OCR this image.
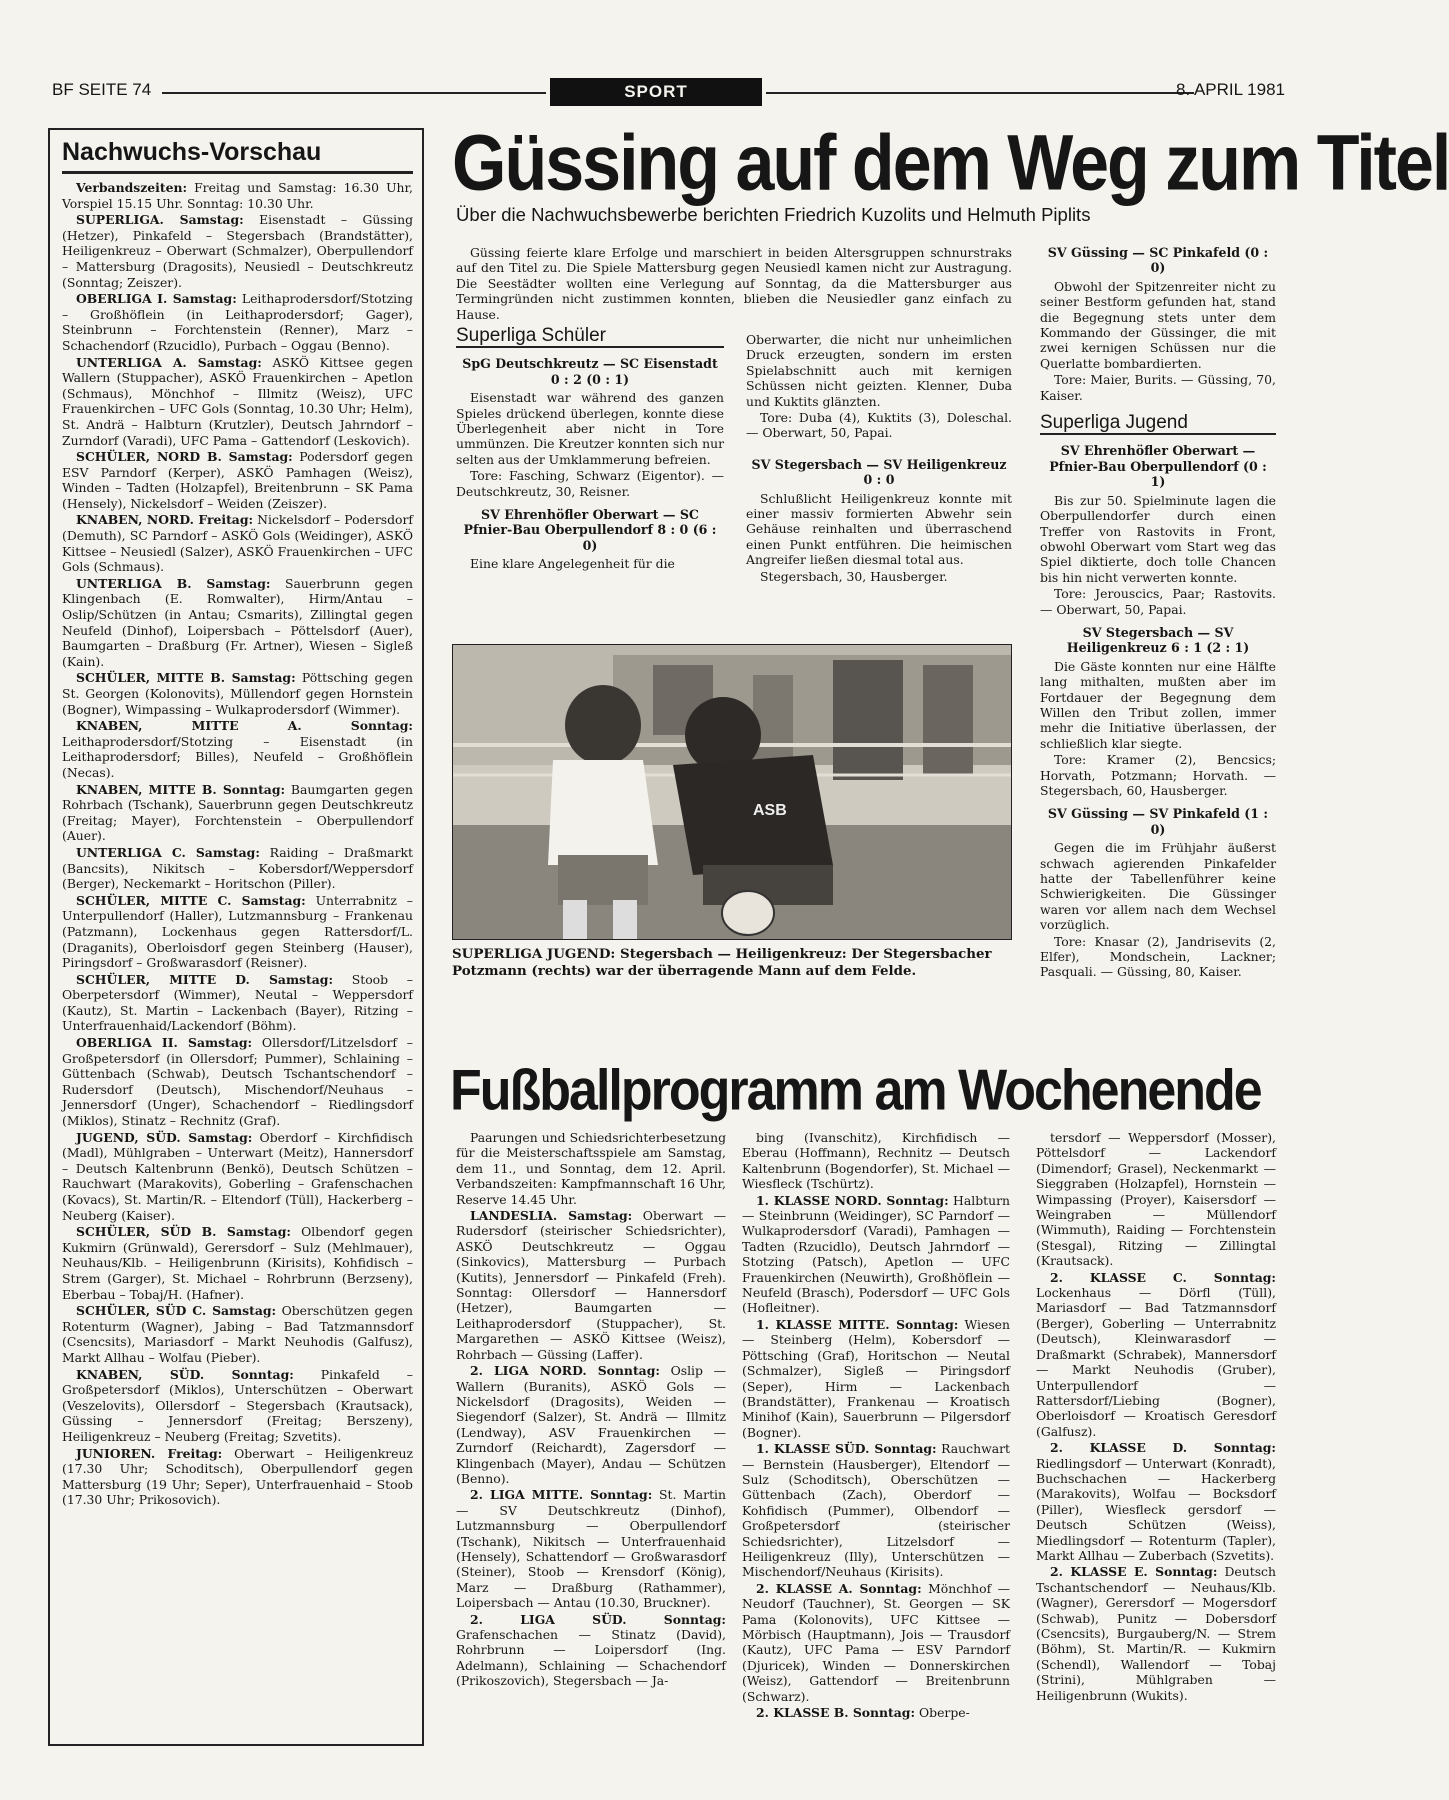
BF SEITE 74	SPORT	8. APRIL 1981
Nachwuchs-Vorschau
Verbandszeiten: Freitag und Samstag: 16.30 Uhr, Vorspiel 15.15 Uhr. Sonntag: 10.30 Uhr.
SUPERLIGA. Samstag: Eisenstadt – Güssing (Hetzer), Pinkafeld – Stegersbach (Brandstätter), Heiligenkreuz – Oberwart (Schmalzer), Oberpullendorf – Mattersburg (Dragosits), Neusiedl – Deutschkreutz (Sonntag; Zeiszer).
OBERLIGA I. Samstag: Leithaprodersdorf/Stotzing – Großhöflein (in Leithaprodersdorf; Gager), Steinbrunn – Forchtenstein (Renner), Marz – Schachendorf (Rzucidlo), Purbach – Oggau (Benno).
UNTERLIGA A. Samstag: ASKÖ Kittsee gegen Wallern (Stuppacher), ASKÖ Frauenkirchen – Apetlon (Schmaus), Mönchhof – Illmitz (Weisz), UFC Frauenkirchen – UFC Gols (Sonntag, 10.30 Uhr; Helm), St. Andrä – Halbturn (Krutzler), Deutsch Jahrndorf – Zurndorf (Varadi), UFC Pama – Gattendorf (Leskovich).
SCHÜLER, NORD B. Samstag: Podersdorf gegen ESV Parndorf (Kerper), ASKÖ Pamhagen (Weisz), Winden – Tadten (Holzapfel), Breitenbrunn – SK Pama (Hensely), Nickelsdorf – Weiden (Zeiszer).
KNABEN, NORD. Freitag: Nickelsdorf – Podersdorf (Demuth), SC Parndorf – ASKÖ Gols (Weidinger), ASKÖ Kittsee – Neusiedl (Salzer), ASKÖ Frauenkirchen – UFC Gols (Schmaus).
UNTERLIGA B. Samstag: Sauerbrunn gegen Klingenbach (E. Romwalter), Hirm/Antau – Oslip/Schützen (in Antau; Csmarits), Zillingtal gegen Neufeld (Dinhof), Loipersbach – Pöttelsdorf (Auer), Baumgarten – Draßburg (Fr. Artner), Wiesen – Sigleß (Kain).
SCHÜLER, MITTE B. Samstag: Pöttsching gegen St. Georgen (Kolonovits), Müllendorf gegen Hornstein (Bogner), Wimpassing – Wulkaprodersdorf (Wimmer).
KNABEN, MITTE A. Sonntag: Leithaprodersdorf/Stotzing – Eisenstadt (in Leithaprodersdorf; Billes), Neufeld – Großhöflein (Necas).
KNABEN, MITTE B. Sonntag: Baumgarten gegen Rohrbach (Tschank), Sauerbrunn gegen Deutschkreutz (Freitag; Mayer), Forchtenstein – Oberpullendorf (Auer).
UNTERLIGA C. Samstag: Raiding – Draßmarkt (Bancsits), Nikitsch – Kobersdorf/Weppersdorf (Berger), Neckemarkt – Horitschon (Piller).
SCHÜLER, MITTE C. Samstag: Unterrabnitz – Unterpullendorf (Haller), Lutzmannsburg – Frankenau (Patzmann), Lockenhaus gegen Rattersdorf/L. (Draganits), Oberloisdorf gegen Steinberg (Hauser), Piringsdorf – Großwarasdorf (Reisner).
SCHÜLER, MITTE D. Samstag: Stoob – Oberpetersdorf (Wimmer), Neutal – Weppersdorf (Kautz), St. Martin – Lackenbach (Bayer), Ritzing – Unterfrauenhaid/Lackendorf (Böhm).
OBERLIGA II. Samstag: Ollersdorf/Litzelsdorf – Großpetersdorf (in Ollersdorf; Pummer), Schlaining – Güttenbach (Schwab), Deutsch Tschantschendorf – Rudersdorf (Deutsch), Mischendorf/Neuhaus – Jennersdorf (Unger), Schachendorf – Riedlingsdorf (Miklos), Stinatz – Rechnitz (Graf).
JUGEND, SÜD. Samstag: Oberdorf – Kirchfidisch (Madl), Mühlgraben – Unterwart (Meitz), Hannersdorf – Deutsch Kaltenbrunn (Benkö), Deutsch Schützen – Rauchwart (Marakovits), Goberling – Grafenschachen (Kovacs), St. Martin/R. – Eltendorf (Tüll), Hackerberg – Neuberg (Kaiser).
SCHÜLER, SÜD B. Samstag: Olbendorf gegen Kukmirn (Grünwald), Gerersdorf – Sulz (Mehlmauer), Neuhaus/Klb. – Heiligenbrunn (Kirisits), Kohfidisch – Strem (Garger), St. Michael – Rohrbrunn (Berzseny), Eberbau – Tobaj/H. (Hafner).
SCHÜLER, SÜD C. Samstag: Oberschützen gegen Rotenturm (Wagner), Jabing – Bad Tatzmannsdorf (Csencsits), Mariasdorf – Markt Neuhodis (Galfusz), Markt Allhau – Wolfau (Pieber).
KNABEN, SÜD. Sonntag: Pinkafeld – Großpetersdorf (Miklos), Unterschützen – Oberwart (Veszelovits), Ollersdorf – Stegersbach (Krautsack), Güssing – Jennersdorf (Freitag; Berszeny), Heiligenkreuz – Neuberg (Freitag; Szvetits).
JUNIOREN. Freitag: Oberwart – Heiligenkreuz (17.30 Uhr; Schoditsch), Oberpullendorf gegen Mattersburg (19 Uhr; Seper), Unterfrauenhaid – Stoob (17.30 Uhr; Prikosovich).
Güssing auf dem Weg zum Titel
Über die Nachwuchsbewerbe berichten Friedrich Kuzolits und Helmuth Piplits
Güssing feierte klare Erfolge und marschiert in beiden Altersgruppen schnurstraks auf den Titel zu. Die Spiele Mattersburg gegen Neusiedl kamen nicht zur Austragung. Die Seestädter wollten eine Verlegung auf Sonntag, da die Mattersburger aus Termingründen nicht zustimmen konnten, blieben die Neusiedler ganz einfach zu Hause.
Superliga Schüler
SpG Deutschkreutz — SC Eisenstadt 0 : 2 (0 : 1)
Eisenstadt war während des ganzen Spieles drückend überlegen, konnte diese Überlegenheit aber nicht in Tore ummünzen. Die Kreutzer konnten sich nur selten aus der Umklammerung befreien.
Tore: Fasching, Schwarz (Eigentor). — Deutschkreutz, 30, Reisner.
SV Ehrenhöfler Oberwart — SC Pfnier-Bau Oberpullendorf 8 : 0 (6 : 0)
Eine klare Angelegenheit für die
Oberwarter, die nicht nur unheimlichen Druck erzeugten, sondern im ersten Spielabschnitt auch mit kernigen Schüssen nicht geizten. Klenner, Duba und Kuktits glänzten.
Tore: Duba (4), Kuktits (3), Doleschal. — Oberwart, 50, Papai.
SV Stegersbach — SV Heiligenkreuz 0 : 0
Schlußlicht Heiligenkreuz konnte mit einer massiv formierten Abwehr sein Gehäuse reinhalten und überraschend einen Punkt entführen. Die heimischen Angreifer ließen diesmal total aus.
Stegersbach, 30, Hausberger.
SV Güssing — SC Pinkafeld (0 : 0)
Obwohl der Spitzenreiter nicht zu seiner Bestform gefunden hat, stand die Begegnung stets unter dem Kommando der Güssinger, die mit zwei kernigen Schüssen nur die Querlatte bombardierten.
Tore: Maier, Burits. — Güssing, 70, Kaiser.
Superliga Jugend
SV Ehrenhöfler Oberwart — Pfnier-Bau Oberpullendorf (0 : 1)
Bis zur 50. Spielminute lagen die Oberpullendorfer durch einen Treffer von Rastovits in Front, obwohl Oberwart vom Start weg das Spiel diktierte, doch tolle Chancen bis hin nicht verwerten konnte.
Tore: Jerouscics, Paar; Rastovits. — Oberwart, 50, Papai.
SV Stegersbach — SV Heiligenkreuz 6 : 1 (2 : 1)
Die Gäste konnten nur eine Hälfte lang mithalten, mußten aber im Fortdauer der Begegnung dem Willen den Tribut zollen, immer mehr die Initiative überlassen, der schließlich klar siegte.
Tore: Kramer (2), Bencsics; Horvath, Potzmann; Horvath. — Stegersbach, 60, Hausberger.
SV Güssing — SV Pinkafeld (1 : 0)
Gegen die im Frühjahr äußerst schwach agierenden Pinkafelder hatte der Tabellenführer keine Schwierigkeiten. Die Güssinger waren vor allem nach dem Wechsel vorzüglich.
Tore: Knasar (2), Jandrisevits (2, Elfer), Mondschein, Lackner; Pasquali. — Güssing, 80, Kaiser.
ASB
SUPERLIGA JUGEND: Stegersbach — Heiligenkreuz: Der Stegersbacher Potzmann (rechts) war der überragende Mann auf dem Felde.
Fußballprogramm am Wochenende
Paarungen und Schiedsrichterbesetzung für die Meisterschaftsspiele am Samstag, dem 11., und Sonntag, dem 12. April. Verbandszeiten: Kampfmannschaft 16 Uhr, Reserve 14.45 Uhr.
LANDESLIA. Samstag: Oberwart — Rudersdorf (steirischer Schiedsrichter), ASKÖ Deutschkreutz — Oggau (Sinkovics), Mattersburg — Purbach (Kutits), Jennersdorf — Pinkafeld (Freh). Sonntag: Ollersdorf — Hannersdorf (Hetzer), Baumgarten — Leithaprodersdorf (Stuppacher), St. Margarethen — ASKÖ Kittsee (Weisz), Rohrbach — Güssing (Laffer).
2. LIGA NORD. Sonntag: Oslip — Wallern (Buranits), ASKÖ Gols — Nickelsdorf (Dragosits), Weiden — Siegendorf (Salzer), St. Andrä — Illmitz (Lendway), ASV Frauenkirchen — Zurndorf (Reichardt), Zagersdorf — Klingenbach (Mayer), Andau — Schützen (Benno).
2. LIGA MITTE. Sonntag: St. Martin — SV Deutschkreutz (Dinhof), Lutzmannsburg — Oberpullendorf (Tschank), Nikitsch — Unterfrauenhaid (Hensely), Schattendorf — Großwarasdorf (Steiner), Stoob — Krensdorf (König), Marz — Draßburg (Rathammer), Loipersbach — Antau (10.30, Bruckner).
2. LIGA SÜD. Sonntag: Grafenschachen — Stinatz (David), Rohrbrunn — Loipersdorf (Ing. Adelmann), Schlaining — Schachendorf (Prikoszovich), Stegersbach — Ja-
bing (Ivanschitz), Kirchfidisch — Eberau (Hoffmann), Rechnitz — Deutsch Kaltenbrunn (Bogendorfer), St. Michael — Wiesfleck (Tschürtz).
1. KLASSE NORD. Sonntag: Halbturn — Steinbrunn (Weidinger), SC Parndorf — Wulkaprodersdorf (Varadi), Pamhagen — Tadten (Rzucidlo), Deutsch Jahrndorf — Stotzing (Patsch), Apetlon — UFC Frauenkirchen (Neuwirth), Großhöflein — Neufeld (Brasch), Podersdorf — UFC Gols (Hofleitner).
1. KLASSE MITTE. Sonntag: Wiesen — Steinberg (Helm), Kobersdorf — Pöttsching (Graf), Horitschon — Neutal (Schmalzer), Sigleß — Piringsdorf (Seper), Hirm — Lackenbach (Brandstätter), Frankenau — Kroatisch Minihof (Kain), Sauerbrunn — Pilgersdorf (Bogner).
1. KLASSE SÜD. Sonntag: Rauchwart — Bernstein (Hausberger), Eltendorf — Sulz (Schoditsch), Oberschützen — Güttenbach (Zach), Oberdorf — Kohfidisch (Pummer), Olbendorf — Großpetersdorf (steirischer Schiedsrichter), Litzelsdorf — Heiligenkreuz (Illy), Unterschützen — Mischendorf/Neuhaus (Kirisits).
2. KLASSE A. Sonntag: Mönchhof — Neudorf (Tauchner), St. Georgen — SK Pama (Kolonovits), UFC Kittsee — Mörbisch (Hauptmann), Jois — Trausdorf (Kautz), UFC Pama — ESV Parndorf (Djuricek), Winden — Donnerskirchen (Weisz), Gattendorf — Breitenbrunn (Schwarz).
2. KLASSE B. Sonntag: Oberpe-
tersdorf — Weppersdorf (Mosser), Pöttelsdorf — Lackendorf (Dimendorf; Grasel), Neckenmarkt — Sieggraben (Holzapfel), Hornstein — Wimpassing (Proyer), Kaisersdorf — Weingraben — Müllendorf (Wimmuth), Raiding — Forchtenstein (Stesgal), Ritzing — Zillingtal (Krautsack).
2. KLASSE C. Sonntag: Lockenhaus — Dörfl (Tüll), Mariasdorf — Bad Tatzmannsdorf (Berger), Goberling — Unterrabnitz (Deutsch), Kleinwarasdorf — Draßmarkt (Schrabek), Mannersdorf — Markt Neuhodis (Gruber), Unterpullendorf — Rattersdorf/Liebing (Bogner), Oberloisdorf — Kroatisch Geresdorf (Galfusz).
2. KLASSE D. Sonntag: Riedlingsdorf — Unterwart (Konradt), Buchschachen — Hackerberg (Marakovits), Wolfau — Bocksdorf (Piller), Wiesfleck gersdorf — Deutsch Schützen (Weiss), Miedlingsdorf — Rotenturm (Tapler), Markt Allhau — Zuberbach (Szvetits).
2. KLASSE E. Sonntag: Deutsch Tschantschendorf — Neuhaus/Klb. (Wagner), Gerersdorf — Mogersdorf (Schwab), Punitz — Dobersdorf (Csencsits), Burgauberg/N. — Strem (Böhm), St. Martin/R. — Kukmirn (Schendl), Wallendorf — Tobaj (Strini), Mühlgraben — Heiligenbrunn (Wukits).
